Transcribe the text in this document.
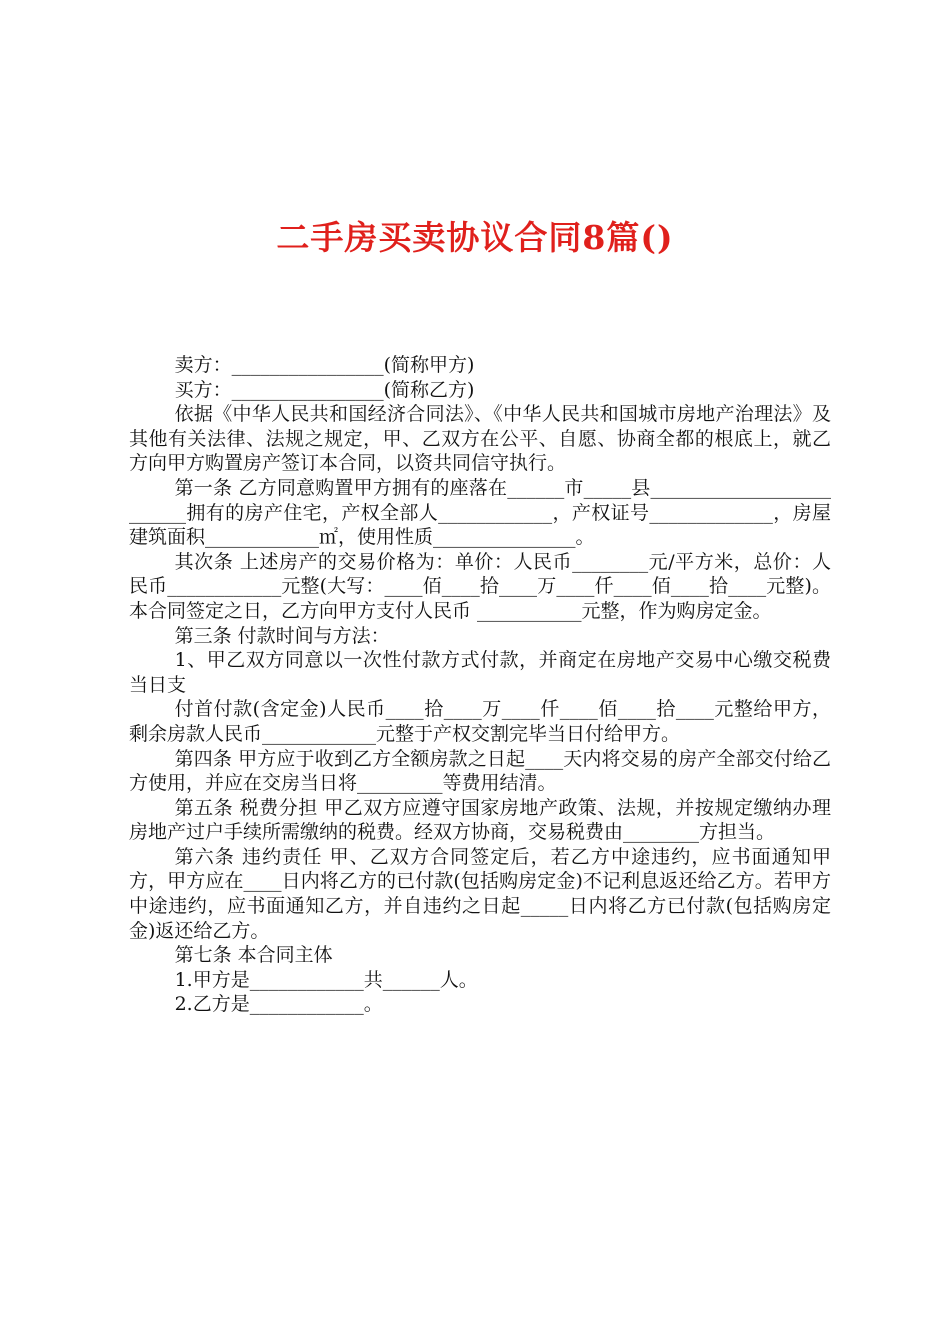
二手房买卖协议合同8篇()

卖方：________________(简称甲方)

买方：________________(简称乙方)

依据《中华人民共和国经济合同法》、《中华人民共和国城市房地产治理法》及其他有关法律、法规之规定，甲、乙双方在公平、自愿、协商全都的根底上，就乙方向甲方购置房产签订本合同，以资共同信守执行。

第一条 乙方同意购置甲方拥有的座落在______市_____县_________________________拥有的房产住宅，产权全部人____________，产权证号_____________，房屋建筑面积____________㎡，使用性质_______________。

其次条 上述房产的交易价格为：单价：人民币________元/平方米，总价：人民币____________元整(大写：____佰____拾____万____仟____佰____拾____元整)。本合同签定之日，乙方向甲方支付人民币 ___________元整，作为购房定金。

第三条 付款时间与方法：

1、甲乙双方同意以一次性付款方式付款，并商定在房地产交易中心缴交税费当日支

付首付款(含定金)人民币____拾____万____仟____佰____拾____元整给甲方，剩余房款人民币____________元整于产权交割完毕当日付给甲方。

第四条 甲方应于收到乙方全额房款之日起____天内将交易的房产全部交付给乙方使用，并应在交房当日将_________等费用结清。

第五条 税费分担 甲乙双方应遵守国家房地产政策、法规，并按规定缴纳办理房地产过户手续所需缴纳的税费。经双方协商，交易税费由________方担当。

第六条 违约责任 甲、乙双方合同签定后，若乙方中途违约，应书面通知甲方，甲方应在____日内将乙方的已付款(包括购房定金)不记利息返还给乙方。若甲方中途违约，应书面通知乙方，并自违约之日起_____日内将乙方已付款(包括购房定金)返还给乙方。

第七条 本合同主体

1.甲方是____________共______人。

2.乙方是____________。
